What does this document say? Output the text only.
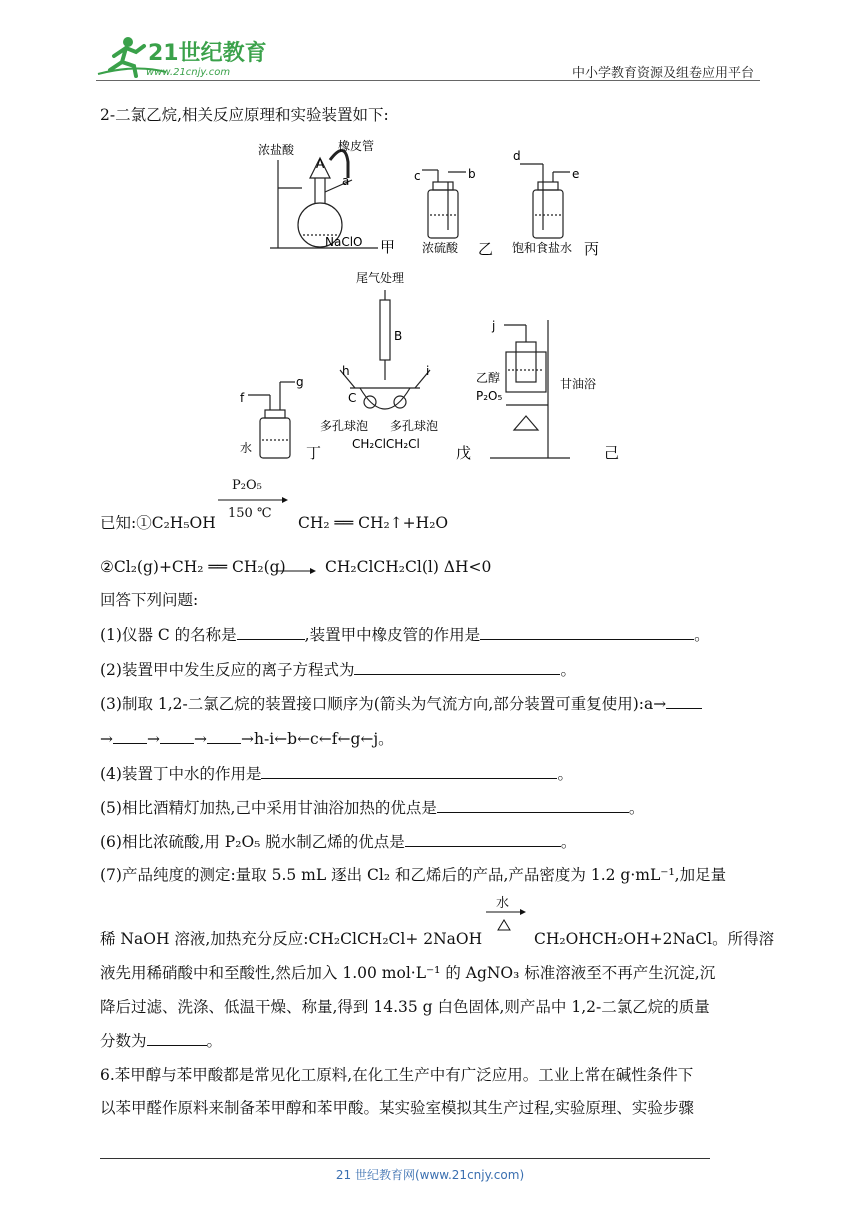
21世纪教育
www.21cnjy.com	中小学教育资源及组卷应用平台
2-二氯乙烷,相关反应原理和实验装置如下:
浓盐酸	橡皮管
A
a
NaClO 甲
c	b
浓硫酸 乙
d
e
饱和食盐水 丙
尾气处理
B
h	i
C
多孔球泡 多孔球泡
CH₂ClCH₂Cl 戊
f
g
水	丁
j
乙醇
P₂O₅
甘油浴
己
已知:①C₂H₅OH
P₂O₅
150 ℃
CH₂ ══ CH₂↑+H₂O
②Cl₂(g)+CH₂ ══ CH₂(g) → CH₂ClCH₂Cl(l) ΔH<0
回答下列问题:
(1)仪器 C 的名称是	,装置甲中橡皮管的作用是	。
(2)装置甲中发生反应的离子方程式为	。
(3)制取 1,2-二氯乙烷的装置接口顺序为(箭头为气流方向,部分装置可重复使用):a→
→ → → →h-i←b←c←f←g←j。
(4)装置丁中水的作用是	。
(5)相比酒精灯加热,己中采用甘油浴加热的优点是	。
(6)相比浓硫酸,用 P₂O₅ 脱水制乙烯的优点是	。
(7)产品纯度的测定:量取 5.5 mL 逐出 Cl₂ 和乙烯后的产品,产品密度为 1.2 g·mL⁻¹,加足量
水
稀 NaOH 溶液,加热充分反应:CH₂ClCH₂Cl+ 2NaOH	CH₂OHCH₂OH+2NaCl。所得溶
液先用稀硝酸中和至酸性,然后加入 1.00 mol·L⁻¹ 的 AgNO₃ 标准溶液至不再产生沉淀,沉
降后过滤、洗涤、低温干燥、称量,得到 14.35 g 白色固体,则产品中 1,2-二氯乙烷的质量
分数为	。
6.苯甲醇与苯甲酸都是常见化工原料,在化工生产中有广泛应用。工业上常在碱性条件下
以苯甲醛作原料来制备苯甲醇和苯甲酸。某实验室模拟其生产过程,实验原理、实验步骤
21 世纪教育网(www.21cnjy.com)
